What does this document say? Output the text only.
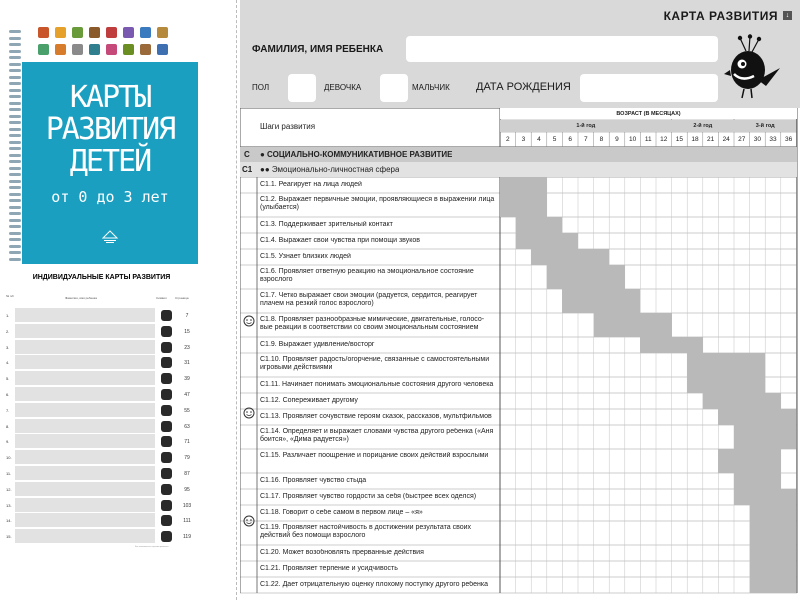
КАРТЫ
РАЗВИТИЯ
ДЕТЕЙ
от 0 до 3 лет
ИНДИВИДУАЛЬНЫЕ КАРТЫ РАЗВИТИЯ
№ п/п	Фамилия, имя ребенка	Символ	Страница
1.	7
2.	15
3.	23
4.	31
5.	39
6.	47
7.	55
8.	63
9.	71
10.	79
11.	87
12.	95
13.	103
14.	111
15.	119
Как пользоваться картами развития
КАРТА РАЗВИТИЯ	↓
ФАМИЛИЯ, ИМЯ РЕБЕНКА
ПОЛ	ДЕВОЧКА	МАЛЬЧИК ДАТА РОЖДЕНИЯ
Шаги развития
ВОЗРАСТ (В МЕСЯЦАХ)
1-й год	2-й год	3-й год
2	3	4	5	6	7	8	9	10	11	12	15	18	21	24	27	30	33	36
C ● СОЦИАЛЬНО-КОММУНИКАТИВНОЕ РАЗВИТИЕ
C1 ●● Эмоционально-личностная сфера
С1.1. Реагирует на лица людей
С1.2. Выражает первичные эмоции, проявляющиеся в выражении лица (улыбается)
С1.3. Поддерживает зрительный контакт
С1.4. Выражает свои чувства при помощи звуков
С1.5. Узнает близких людей
С1.6. Проявляет ответную реакцию на эмоциональное состояние взрослого
С1.7. Четко выражает свои эмоции (радуется, сердится, реагирует плачем на резкий голос взрослого)
С1.8. Проявляет разнообразные мимические, двигательные, голосо-вые реакции в соответствии со своим эмоциональным состоянием
С1.9. Выражает удивление/восторг
С1.10. Проявляет радость/огорчение, связанные с самостоятельными игровыми действиями
С1.11. Начинает понимать эмоциональные состояния другого человека
С1.12. Сопереживает другому
С1.13. Проявляет сочувствие героям сказок, рассказов, мультфильмов
С1.14. Определяет и выражает словами чувства другого ребенка («Аня боится», «Дима радуется»)
С1.15. Различает поощрение и порицание своих действий взрослыми
С1.16. Проявляет чувство стыда
С1.17. Проявляет чувство гордости за себя (быстрее всех оделся)
С1.18. Говорит о себе самом в первом лице – «я»
С1.19. Проявляет настойчивость в достижении результата своих действий без помощи взрослого
С1.20. Может возобновлять прерванные действия
С1.21. Проявляет терпение и усидчивость
С1.22. Дает отрицательную оценку плохому поступку другого ребенка
